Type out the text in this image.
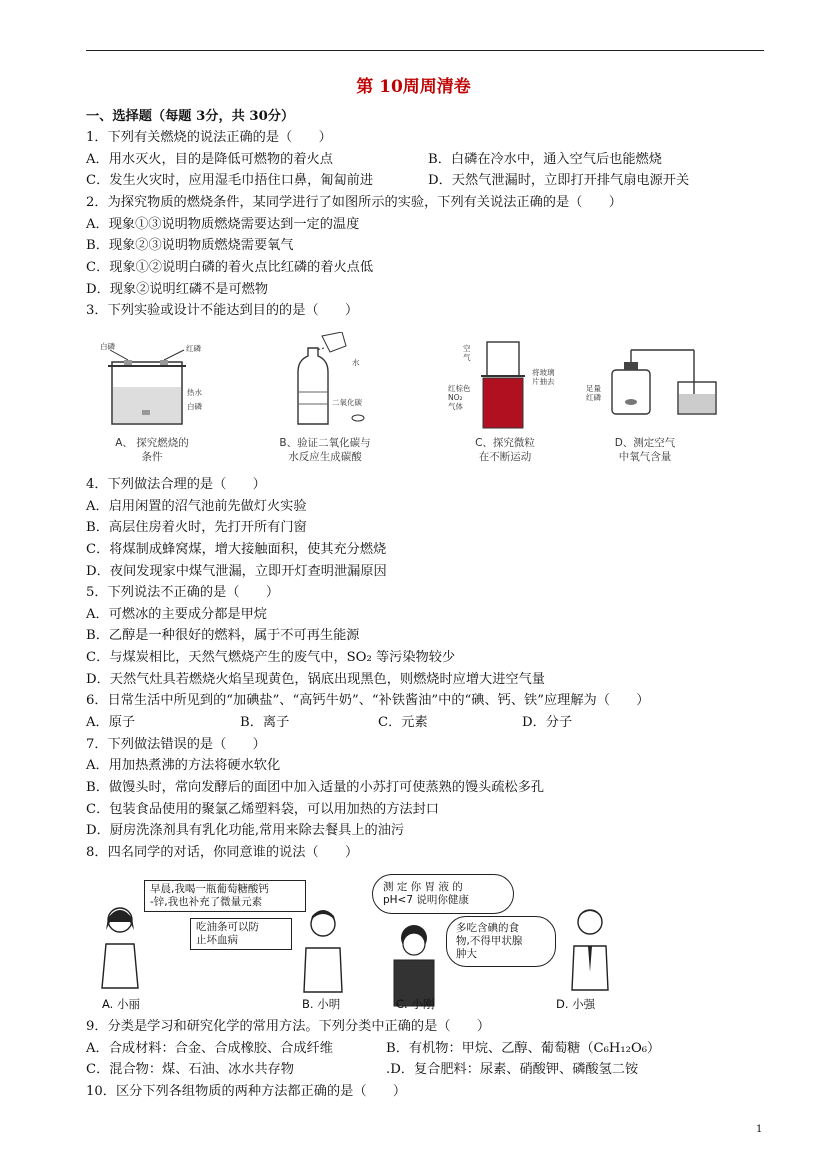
第 10周周清卷
一、选择题（每题 3分，共 30分）
1．下列有关燃烧的说法正确的是（　　）
A．用水灭火，目的是降低可燃物的着火点	B．白磷在冷水中，通入空气后也能燃烧
C．发生火灾时，应用湿毛巾捂住口鼻，匍匐前进	D．天然气泄漏时，立即打开排气扇电源开关
2．为探究物质的燃烧条件，某同学进行了如图所示的实验，下列有关说法正确的是（　　）
A．现象①③说明物质燃烧需要达到一定的温度
B．现象②③说明物质燃烧需要氧气
C．现象①②说明白磷的着火点比红磷的着火点低
D．现象②说明红磷不是可燃物
3．下列实验或设计不能达到目的的是（　　）
白磷	红磷
热水
白磷
A、 探究燃烧的
条件
水
二氧化碳
B、验证二氧化碳与
水反应生成碳酸
空
气
将玻璃
片抽去
红棕色
NO₂
气体
C、探究微粒
在不断运动
足量
红磷
D、测定空气
中氧气含量
4．下列做法合理的是（　　）
A．启用闲置的沼气池前先做灯火实验
B．高层住房着火时，先打开所有门窗
C．将煤制成蜂窝煤，增大接触面积，使其充分燃烧
D．夜间发现家中煤气泄漏，立即开灯查明泄漏原因
5．下列说法不正确的是（　　）
A．可燃冰的主要成分都是甲烷
B．乙醇是一种很好的燃料，属于不可再生能源
C．与煤炭相比，天然气燃烧产生的废气中，SO₂ 等污染物较少
D．天然气灶具若燃烧火焰呈现黄色，锅底出现黑色，则燃烧时应增大进空气量
6．日常生活中所见到的“加碘盐”、“高钙牛奶”、“补铁酱油”中的“碘、钙、铁”应理解为（　　）
A．原子	B．离子	C．元素	D．分子
7．下列做法错误的是（　　）
A．用加热煮沸的方法将硬水软化
B．做馒头时，常向发酵后的面团中加入适量的小苏打可使蒸熟的馒头疏松多孔
C．包装食品使用的聚氯乙烯塑料袋，可以用加热的方法封口
D．厨房洗涤剂具有乳化功能,常用来除去餐具上的油污
8．四名同学的对话，你同意谁的说法（　　）
早晨,我喝一瓶葡萄糖酸钙
-锌,我也补充了微量元素
吃油条可以防
止坏血病
测 定 你 胃 液 的
pH<7 说明你健康
多吃含碘的食
物,不得甲状腺
肿大
A. 小丽	B. 小明	C. 小刚	D. 小强
9．分类是学习和研究化学的常用方法。下列分类中正确的是（　　）
A．合成材料：合金、合成橡胶、合成纤维	B．有机物：甲烷、乙醇、葡萄糖（C₆H₁₂O₆）
C．混合物：煤、石油、冰水共存物	.D．复合肥料：尿素、硝酸钾、磷酸氢二铵
10．区分下列各组物质的两种方法都正确的是（　　）
1
